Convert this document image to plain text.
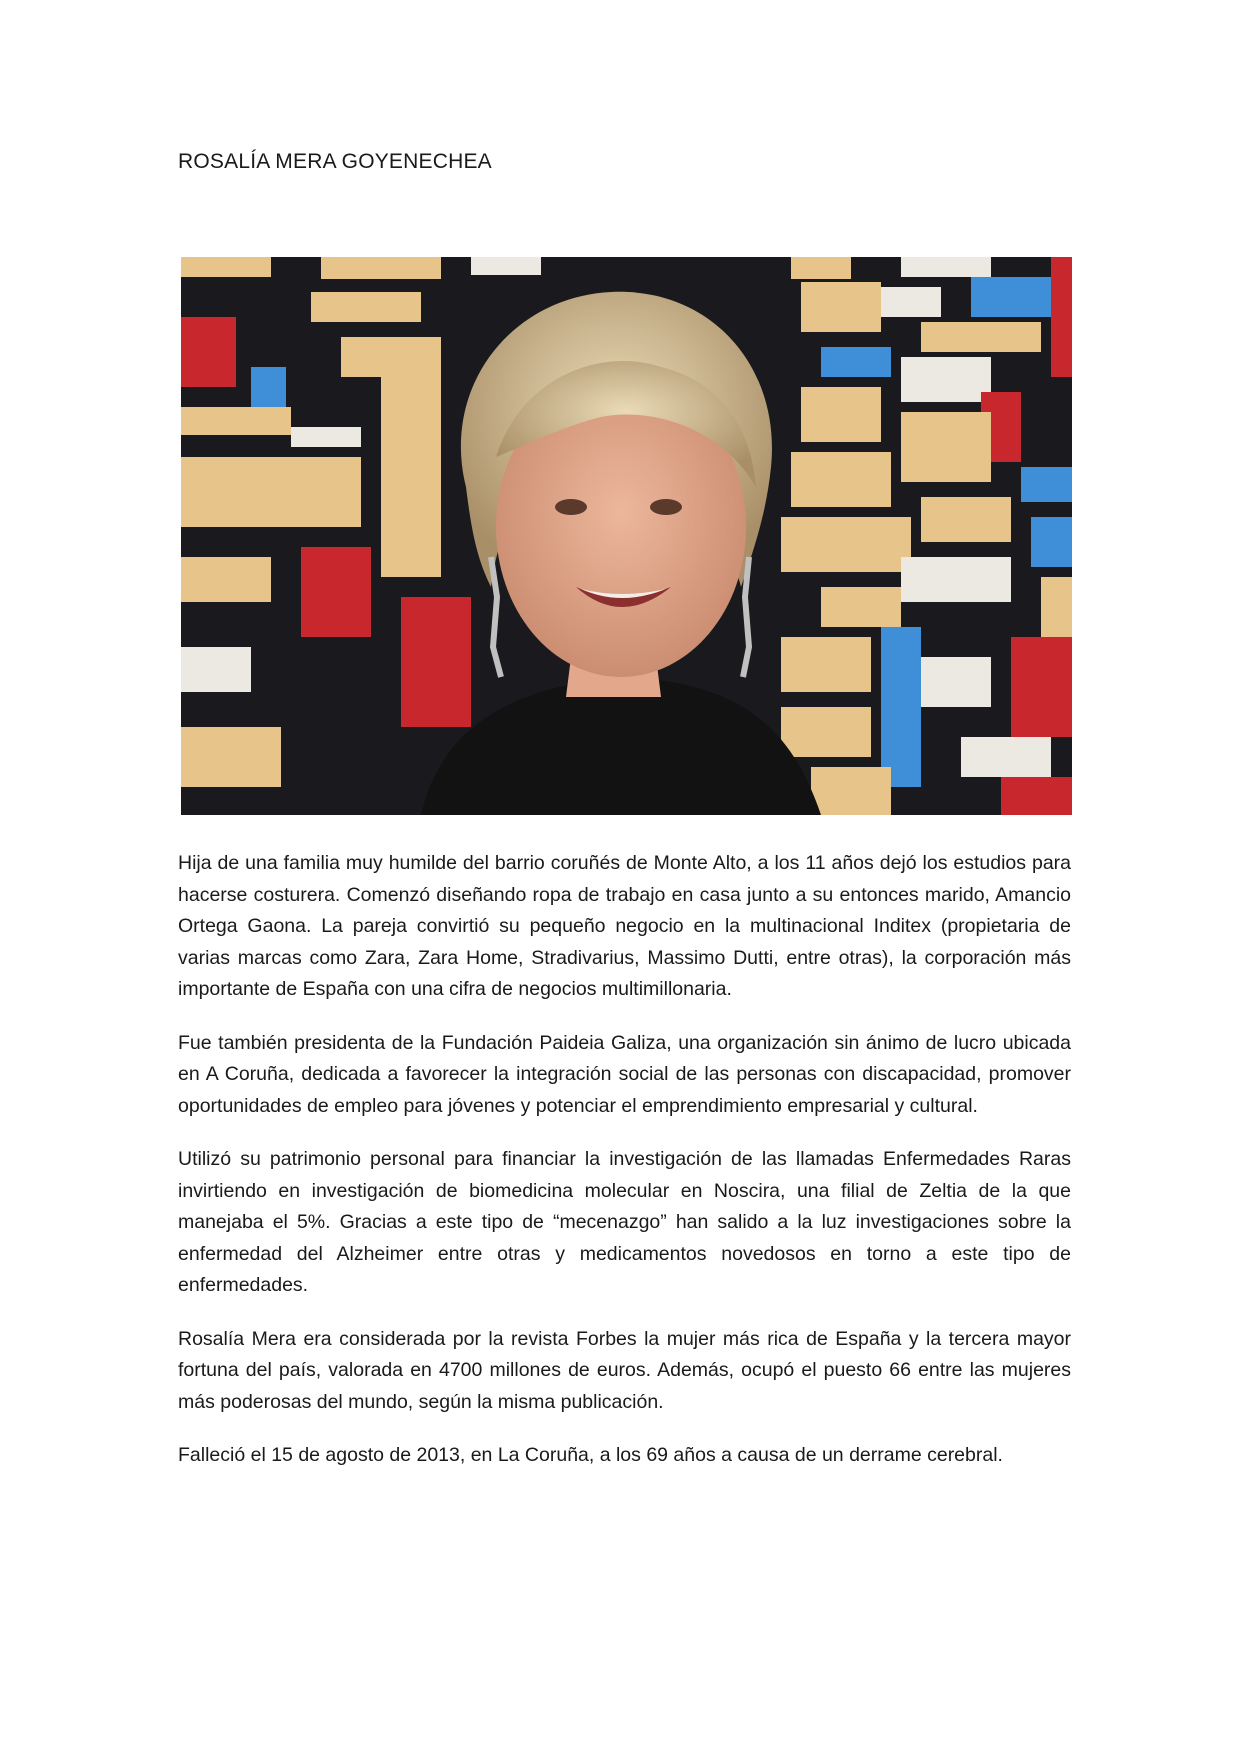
ROSALÍA MERA GOYENECHEA

Hija de una familia muy humilde del barrio coruñés de Monte Alto, a los 11 años dejó los estudios para hacerse costurera. Comenzó diseñando ropa de trabajo en casa junto a su entonces marido, Amancio Ortega Gaona. La pareja convirtió su pequeño negocio en la multinacional Inditex (propietaria de varias marcas como Zara, Zara Home, Stradivarius, Massimo Dutti, entre otras), la corporación más importante de España con una cifra de negocios multimillonaria.

Fue también presidenta de la Fundación Paideia Galiza, una organización sin ánimo de lucro ubicada en A Coruña, dedicada a favorecer la integración social de las personas con discapacidad, promover oportunidades de empleo para jóvenes y potenciar el emprendimiento empresarial y cultural.

Utilizó su patrimonio personal para financiar la investigación de las llamadas Enfermedades Raras invirtiendo en investigación de biomedicina molecular en Noscira, una filial de Zeltia de la que manejaba el 5%. Gracias a este tipo de “mecenazgo” han salido a la luz investigaciones sobre la enfermedad del Alzheimer entre otras y medicamentos novedosos en torno a este tipo de enfermedades.

Rosalía Mera era considerada por la revista Forbes la mujer más rica de España y la tercera mayor fortuna del país, valorada en 4700 millones de euros. Además, ocupó el puesto 66 entre las mujeres más poderosas del mundo, según la misma publicación.

Falleció el 15 de agosto de 2013, en La Coruña, a los 69 años a causa de un derrame cerebral.
